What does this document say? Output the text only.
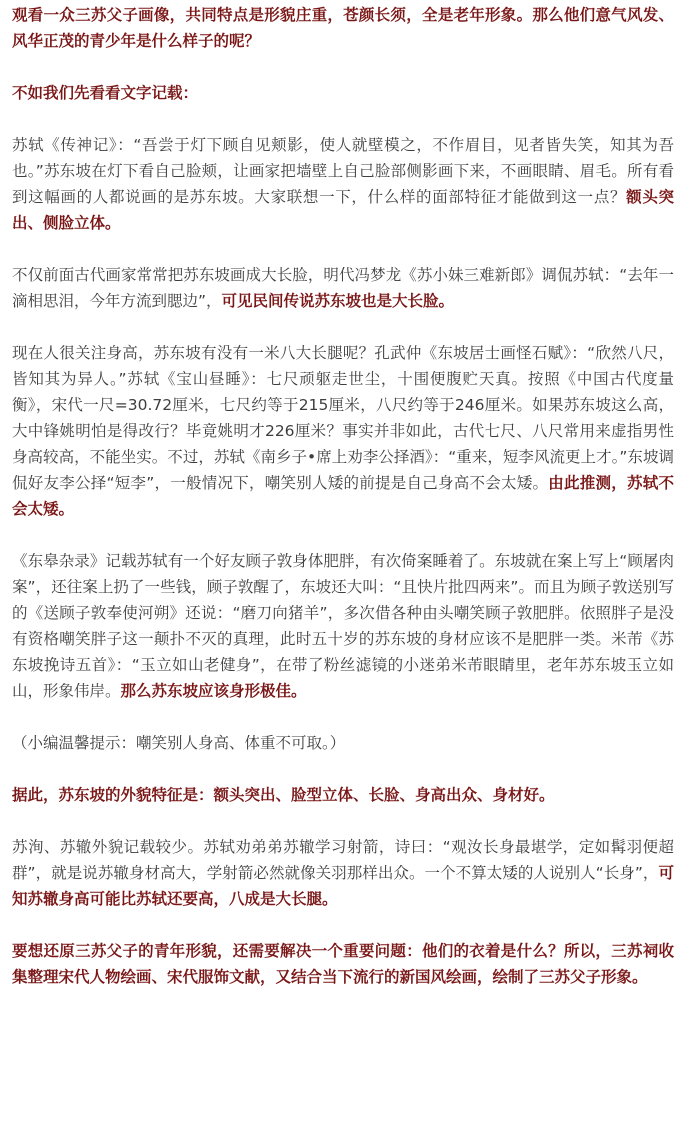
观看一众三苏父子画像，共同特点是形貌庄重，苍颜长须，全是老年形象。那么他们意气风发、风华正茂的青少年是什么样子的呢？

不如我们先看看文字记载：

苏轼《传神记》：“吾尝于灯下顾自见颊影，使人就壁模之，不作眉目，见者皆失笑，知其为吾也。”苏东坡在灯下看自己脸颊，让画家把墙壁上自己脸部侧影画下来，不画眼睛、眉毛。所有看到这幅画的人都说画的是苏东坡。大家联想一下，什么样的面部特征才能做到这一点？额头突出、侧脸立体。

不仅前面古代画家常常把苏东坡画成大长脸，明代冯梦龙《苏小妹三难新郎》调侃苏轼：“去年一滴相思泪，今年方流到腮边”，可见民间传说苏东坡也是大长脸。

现在人很关注身高，苏东坡有没有一米八大长腿呢？孔武仲《东坡居士画怪石赋》：“欣然八尺，皆知其为异人。”苏轼《宝山昼睡》：七尺顽躯走世尘，十围便腹贮天真。按照《中国古代度量衡》，宋代一尺=30.72厘米，七尺约等于215厘米，八尺约等于246厘米。如果苏东坡这么高，大中锋姚明怕是得改行？毕竟姚明才226厘米？事实并非如此，古代七尺、八尺常用来虚指男性身高较高，不能坐实。不过，苏轼《南乡子•席上劝李公择酒》：“重来，短李风流更上才。”东坡调侃好友李公择“短李”，一般情况下，嘲笑别人矮的前提是自己身高不会太矮。由此推测，苏轼不会太矮。

《东皋杂录》记载苏轼有一个好友顾子敦身体肥胖，有次倚案睡着了。东坡就在案上写上“顾屠肉案”，还往案上扔了一些钱，顾子敦醒了，东坡还大叫：“且快片批四两来”。而且为顾子敦送别写的《送顾子敦奉使河朔》还说：“磨刀向猪羊”，多次借各种由头嘲笑顾子敦肥胖。依照胖子是没有资格嘲笑胖子这一颠扑不灭的真理，此时五十岁的苏东坡的身材应该不是肥胖一类。米芾《苏东坡挽诗五首》：“玉立如山老健身”，在带了粉丝滤镜的小迷弟米芾眼睛里，老年苏东坡玉立如山，形象伟岸。那么苏东坡应该身形极佳。

（小编温馨提示：嘲笑别人身高、体重不可取。）

据此，苏东坡的外貌特征是：额头突出、脸型立体、长脸、身高出众、身材好。

苏洵、苏辙外貌记载较少。苏轼劝弟弟苏辙学习射箭，诗曰：“观汝长身最堪学，定如髯羽便超群”，就是说苏辙身材高大，学射箭必然就像关羽那样出众。一个不算太矮的人说别人“长身”，可知苏辙身高可能比苏轼还要高，八成是大长腿。

要想还原三苏父子的青年形貌，还需要解决一个重要问题：他们的衣着是什么？所以，三苏祠收集整理宋代人物绘画、宋代服饰文献，又结合当下流行的新国风绘画，绘制了三苏父子形象。
